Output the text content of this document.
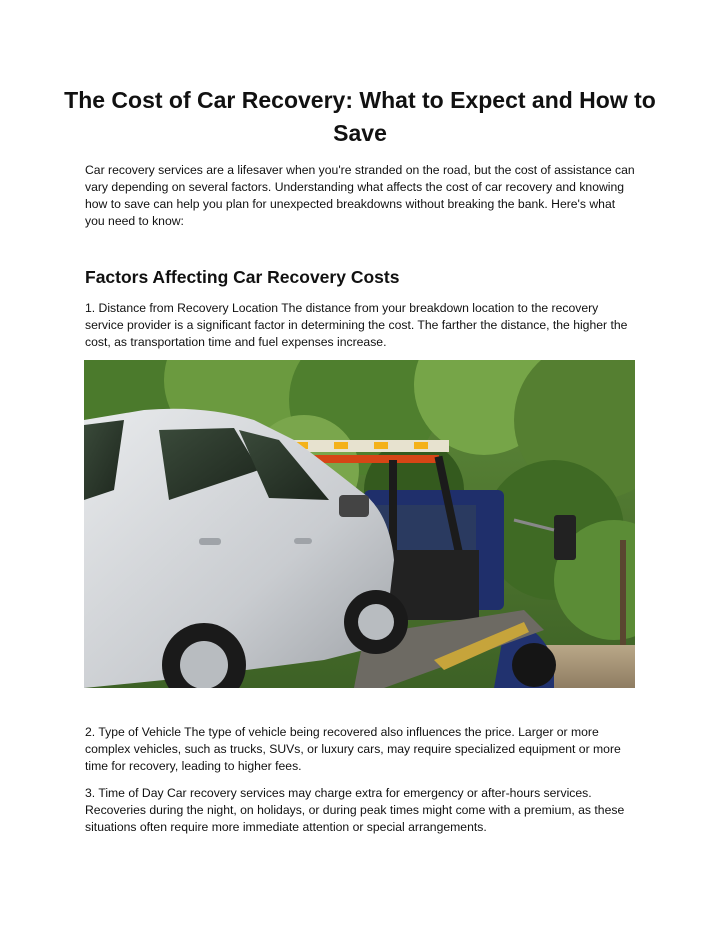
The Cost of Car Recovery: What to Expect and How to Save

Car recovery services are a lifesaver when you're stranded on the road, but the cost of assistance can vary depending on several factors. Understanding what affects the cost of car recovery and knowing how to save can help you plan for unexpected breakdowns without breaking the bank. Here's what you need to know:

Factors Affecting Car Recovery Costs

1. Distance from Recovery Location The distance from your breakdown location to the recovery service provider is a significant factor in determining the cost. The farther the distance, the higher the cost, as transportation time and fuel expenses increase.

2. Type of Vehicle The type of vehicle being recovered also influences the price. Larger or more complex vehicles, such as trucks, SUVs, or luxury cars, may require specialized equipment or more time for recovery, leading to higher fees.

3. Time of Day Car recovery services may charge extra for emergency or after-hours services. Recoveries during the night, on holidays, or during peak times might come with a premium, as these situations often require more immediate attention or special arrangements.
